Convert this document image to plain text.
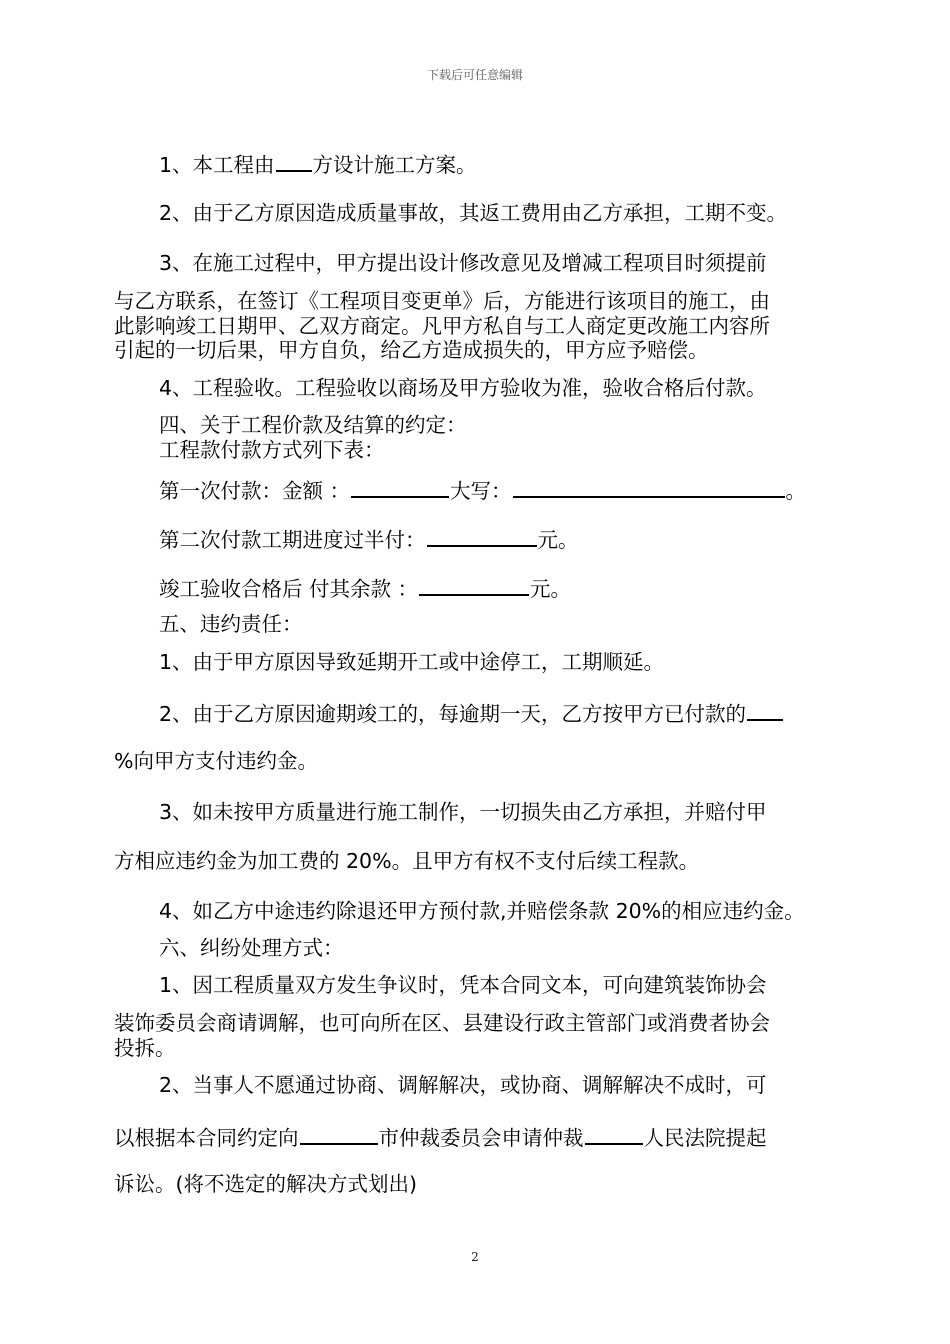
下载后可任意编辑
1、本工程由 方设计施工方案。
2、由于乙方原因造成质量事故，其返工费用由乙方承担，工期不变。
3、在施工过程中，甲方提出设计修改意见及增减工程项目时须提前
与乙方联系，在签订《工程项目变更单》后，方能进行该项目的施工，由
此影响竣工日期甲、乙双方商定。凡甲方私自与工人商定更改施工内容所
引起的一切后果，甲方自负，给乙方造成损失的，甲方应予赔偿。
4、工程验收。工程验收以商场及甲方验收为准，验收合格后付款。
四、关于工程价款及结算的约定：
工程款付款方式列下表：
第一次付款：金额 ：	大写：	。
第二次付款工期进度过半付：	元。
竣工验收合格后 付其余款 ：	元。
五、违约责任：
1、由于甲方原因导致延期开工或中途停工，工期顺延。
2、由于乙方原因逾期竣工的，每逾期一天，乙方按甲方已付款的
%向甲方支付违约金。
3、如未按甲方质量进行施工制作，一切损失由乙方承担，并赔付甲
方相应违约金为加工费的 20%。且甲方有权不支付后续工程款。
4、如乙方中途违约除退还甲方预付款,并赔偿条款 20%的相应违约金。
六、纠纷处理方式：
1、因工程质量双方发生争议时，凭本合同文本，可向建筑装饰协会
装饰委员会商请调解，也可向所在区、县建设行政主管部门或消费者协会
投拆。
2、当事人不愿通过协商、调解解决，或协商、调解解决不成时，可
以根据本合同约定向	市仲裁委员会申请仲裁	人民法院提起
诉讼。(将不选定的解决方式划出)
2
